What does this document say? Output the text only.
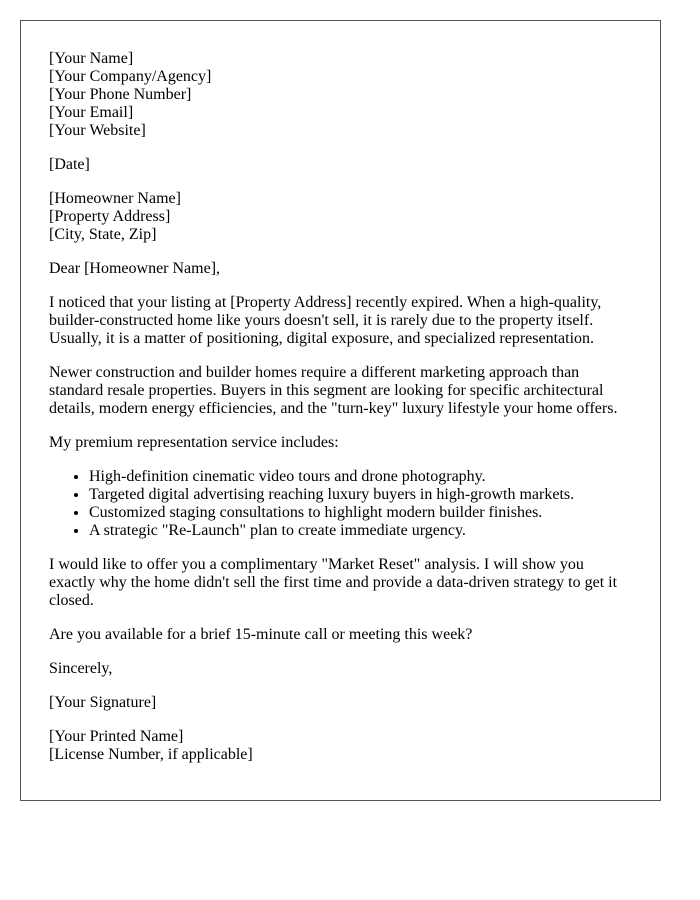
[Your Name]
[Your Company/Agency]
[Your Phone Number]
[Your Email]
[Your Website]

[Date]

[Homeowner Name]
[Property Address]
[City, State, Zip]

Dear [Homeowner Name],

I noticed that your listing at [Property Address] recently expired. When a high-quality, builder-constructed home like yours doesn't sell, it is rarely due to the property itself. Usually, it is a matter of positioning, digital exposure, and specialized representation.

Newer construction and builder homes require a different marketing approach than standard resale properties. Buyers in this segment are looking for specific architectural details, modern energy efficiencies, and the "turn-key" luxury lifestyle your home offers.

My premium representation service includes:

• High-definition cinematic video tours and drone photography.
• Targeted digital advertising reaching luxury buyers in high-growth markets.
• Customized staging consultations to highlight modern builder finishes.
• A strategic "Re-Launch" plan to create immediate urgency.

I would like to offer you a complimentary "Market Reset" analysis. I will show you exactly why the home didn't sell the first time and provide a data-driven strategy to get it closed.

Are you available for a brief 15-minute call or meeting this week?

Sincerely,

[Your Signature]

[Your Printed Name]
[License Number, if applicable]
